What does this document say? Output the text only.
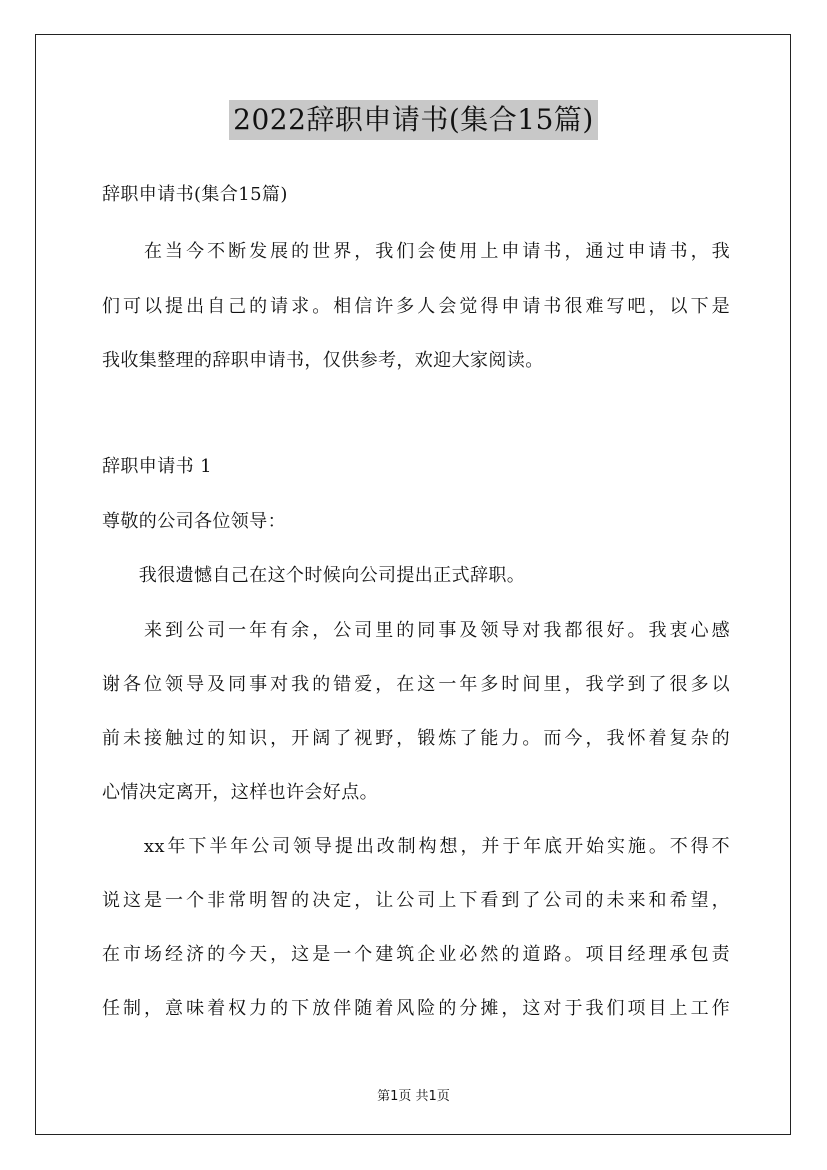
2022辞职申请书(集合15篇)

辞职申请书(集合15篇)

　　在当今不断发展的世界，我们会使用上申请书，通过申请书，我

们可以提出自己的请求。相信许多人会觉得申请书很难写吧，以下是

我收集整理的辞职申请书，仅供参考，欢迎大家阅读。

辞职申请书 1

尊敬的公司各位领导：

　　我很遗憾自己在这个时候向公司提出正式辞职。

　　来到公司一年有余，公司里的同事及领导对我都很好。我衷心感

谢各位领导及同事对我的错爱，在这一年多时间里，我学到了很多以

前未接触过的知识，开阔了视野，锻炼了能力。而今，我怀着复杂的

心情决定离开，这样也许会好点。

　　xx年下半年公司领导提出改制构想，并于年底开始实施。不得不

说这是一个非常明智的决定，让公司上下看到了公司的未来和希望，

在市场经济的今天，这是一个建筑企业必然的道路。项目经理承包责

任制，意味着权力的下放伴随着风险的分摊，这对于我们项目上工作

第1页 共1页
